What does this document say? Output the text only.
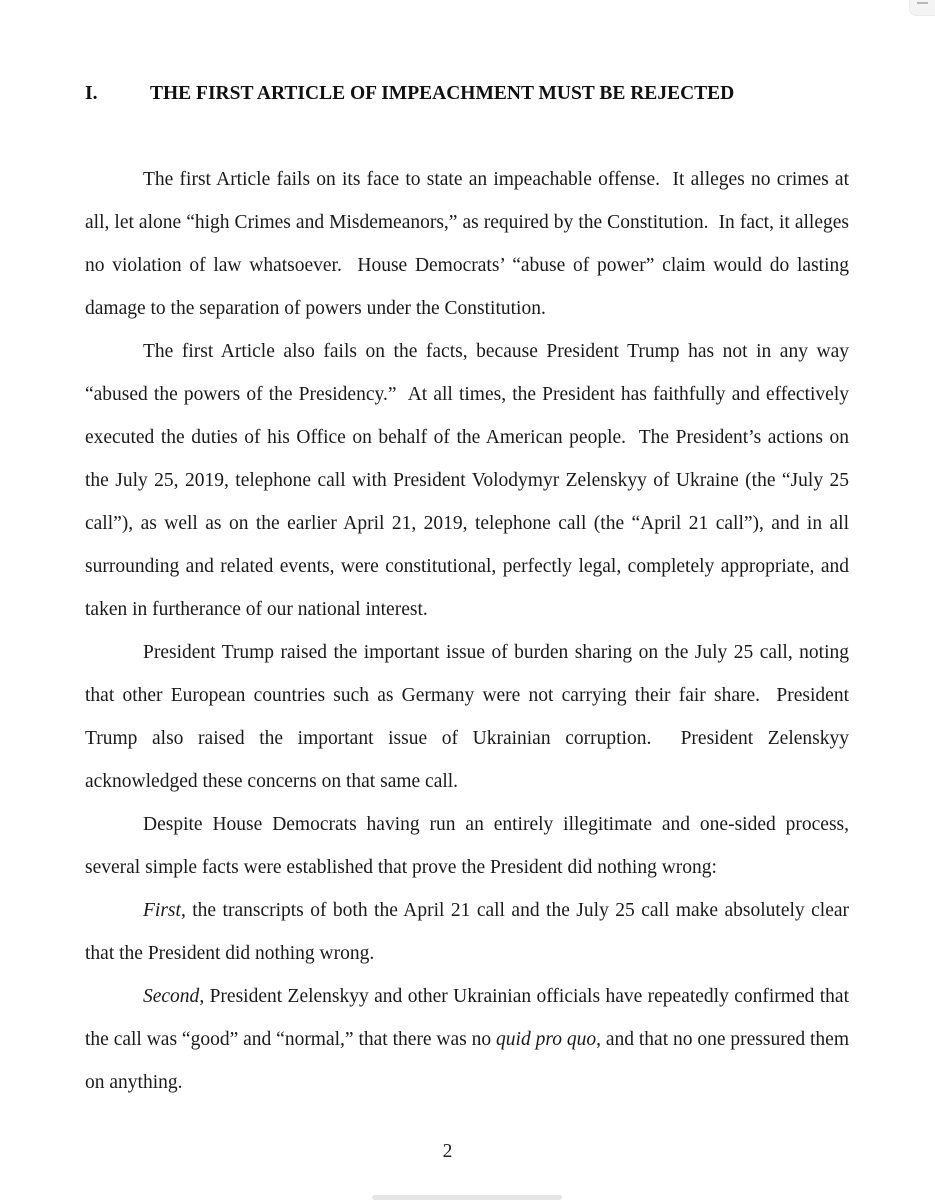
I.	THE FIRST ARTICLE OF IMPEACHMENT MUST BE REJECTED

The first Article fails on its face to state an impeachable offense.  It alleges no crimes at all, let alone “high Crimes and Misdemeanors,” as required by the Constitution.  In fact, it alleges no violation of law whatsoever.  House Democrats’ “abuse of power” claim would do lasting damage to the separation of powers under the Constitution.

The first Article also fails on the facts, because President Trump has not in any way “abused the powers of the Presidency.”  At all times, the President has faithfully and effectively executed the duties of his Office on behalf of the American people.  The President’s actions on the July 25, 2019, telephone call with President Volodymyr Zelenskyy of Ukraine (the “July 25 call”), as well as on the earlier April 21, 2019, telephone call (the “April 21 call”), and in all surrounding and related events, were constitutional, perfectly legal, completely appropriate, and taken in furtherance of our national interest.

President Trump raised the important issue of burden sharing on the July 25 call, noting that other European countries such as Germany were not carrying their fair share.  President Trump also raised the important issue of Ukrainian corruption.  President Zelenskyy acknowledged these concerns on that same call.

Despite House Democrats having run an entirely illegitimate and one-sided process, several simple facts were established that prove the President did nothing wrong:

First, the transcripts of both the April 21 call and the July 25 call make absolutely clear that the President did nothing wrong.

Second, President Zelenskyy and other Ukrainian officials have repeatedly confirmed that the call was “good” and “normal,” that there was no quid pro quo, and that no one pressured them on anything.

2
